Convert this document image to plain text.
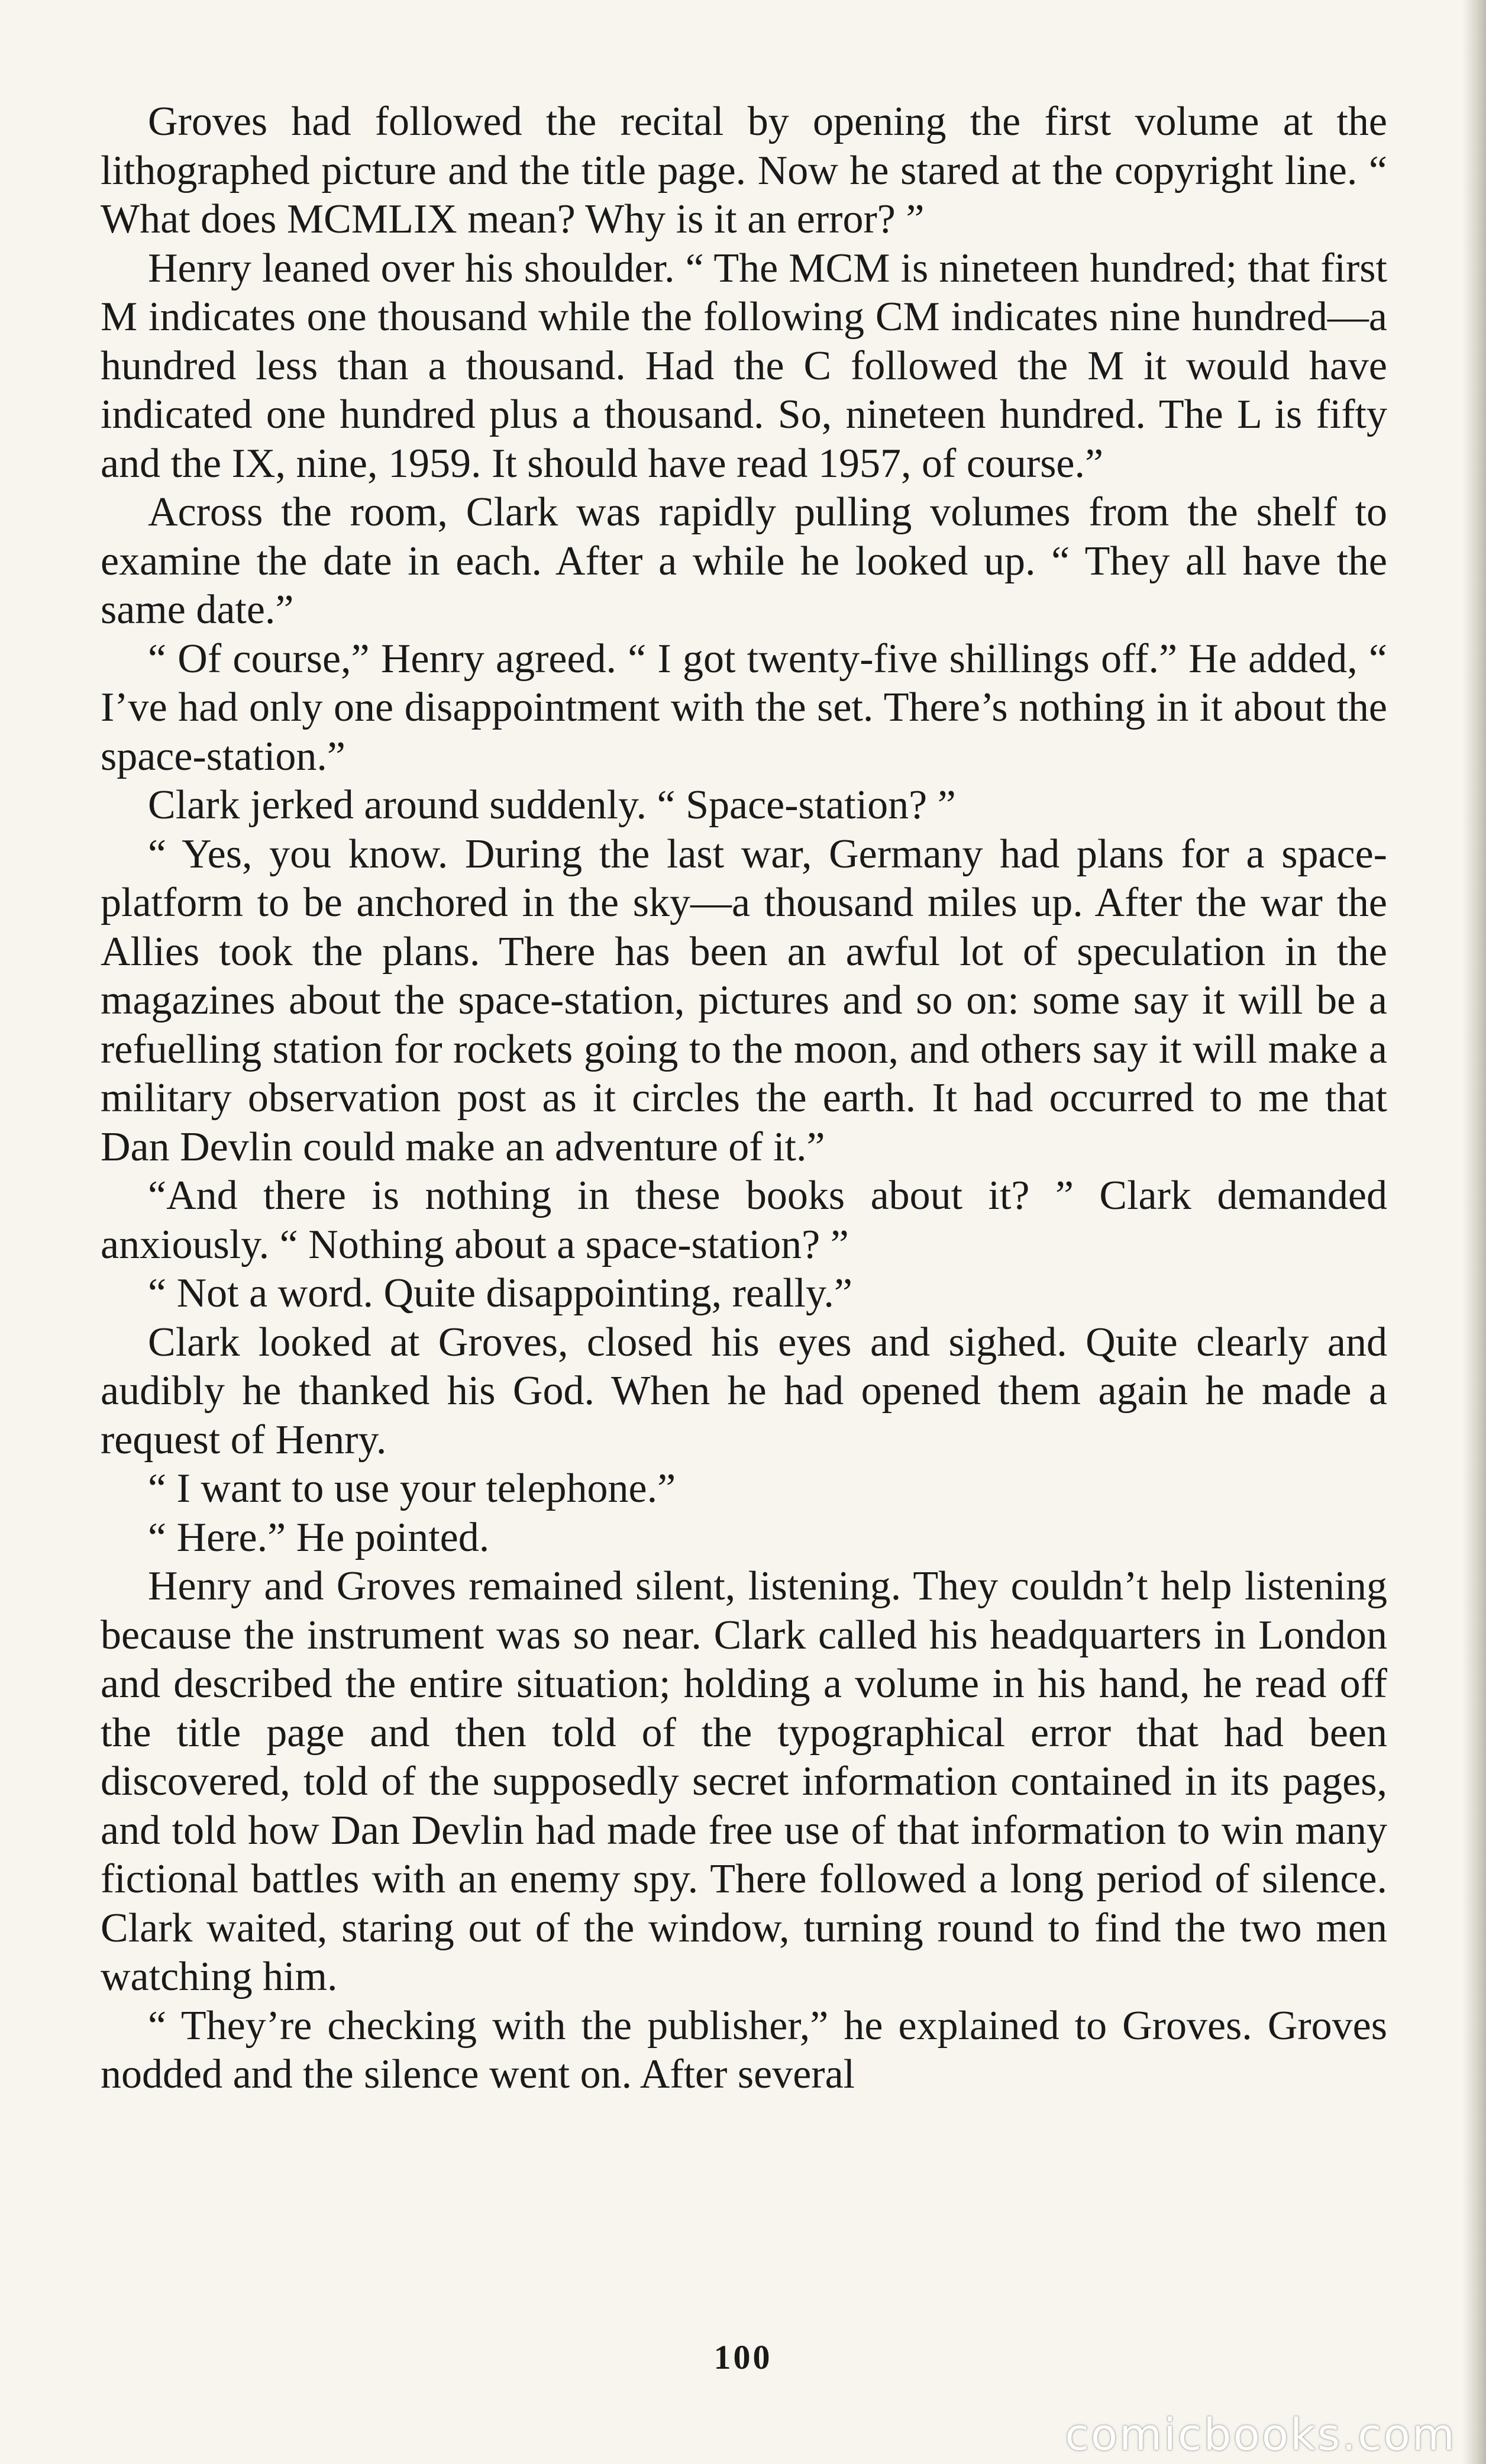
Groves had followed the recital by opening the first volume at the lithographed picture and the title page. Now he stared at the copyright line. “ What does MCMLIX mean? Why is it an error? ”

Henry leaned over his shoulder. “ The MCM is nineteen hundred; that first M indicates one thousand while the following CM indicates nine hundred—a hundred less than a thousand. Had the C followed the M it would have indicated one hundred plus a thousand. So, nineteen hundred. The L is fifty and the IX, nine, 1959. It should have read 1957, of course.”

Across the room, Clark was rapidly pulling volumes from the shelf to examine the date in each. After a while he looked up. “ They all have the same date.”

“ Of course,” Henry agreed. “ I got twenty-five shillings off.” He added, “ I’ve had only one disappointment with the set. There’s nothing in it about the space-station.”

Clark jerked around suddenly. “ Space-station? ”

“ Yes, you know. During the last war, Germany had plans for a space-platform to be anchored in the sky—a thousand miles up. After the war the Allies took the plans. There has been an awful lot of speculation in the magazines about the space-station, pictures and so on: some say it will be a refuelling station for rockets going to the moon, and others say it will make a military observation post as it circles the earth. It had occurred to me that Dan Devlin could make an adventure of it.”

“And there is nothing in these books about it? ” Clark demanded anxiously. “ Nothing about a space-station? ”

“ Not a word. Quite disappointing, really.”

Clark looked at Groves, closed his eyes and sighed. Quite clearly and audibly he thanked his God. When he had opened them again he made a request of Henry.

“ I want to use your telephone.”

“ Here.” He pointed.

Henry and Groves remained silent, listening. They couldn’t help listening because the instrument was so near. Clark called his headquarters in London and described the entire situation; holding a volume in his hand, he read off the title page and then told of the typographical error that had been discovered, told of the supposedly secret information contained in its pages, and told how Dan Devlin had made free use of that information to win many fictional battles with an enemy spy. There followed a long period of silence. Clark waited, staring out of the window, turning round to find the two men watching him.

“ They’re checking with the publisher,” he explained to Groves. Groves nodded and the silence went on. After several

100

comicbooks.com
